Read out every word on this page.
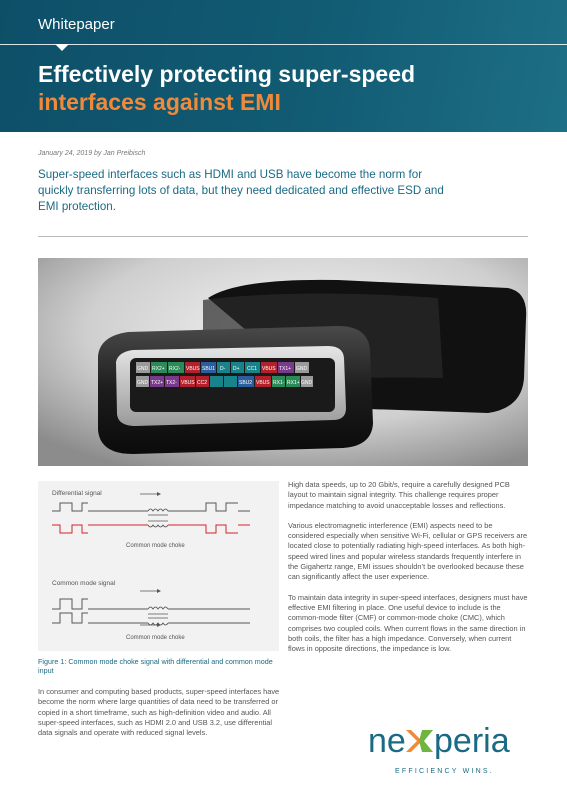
Whitepaper
Effectively protecting super-speed
interfaces against EMI
January 24, 2019 by Jan Preibisch
Super-speed interfaces such as HDMI and USB have become the norm for quickly transferring lots of data, but they need dedicated and effective ESD and EMI protection.
GND RX2+ RX2- VBUS SBU1 D- D+ CC1 VBUS TX1+ GND
GND TX2+ TX2- VBUS CC2	SBU2 VBUS RX1- RX1+ GND
Differential signal
Common mode choke
Common mode signal
Common mode choke
Figure 1: Common mode choke signal with differential and common mode input
In consumer and computing based products, super-speed interfaces have become the norm where large quantities of data need to be transferred or copied in a short timeframe, such as high-definition video and audio. All super-speed interfaces, such as HDMI 2.0 and USB 3.2, use differential data signals and operate with reduced signal levels.

High data speeds, up to 20 Gbit/s, require a carefully designed PCB layout to maintain signal integrity. This challenge requires proper impedance matching to avoid unacceptable losses and reflections.

Various electromagnetic interference (EMI) aspects need to be considered especially when sensitive Wi-Fi, cellular or GPS receivers are located close to potentially radiating high-speed interfaces. As both high-speed wired lines and popular wireless standards frequently interfere in the Gigahertz range, EMI issues shouldn’t be overlooked because these can significantly affect the user experience.

To maintain data integrity in super-speed interfaces, designers must have effective EMI filtering in place. One useful device to include is the common-mode filter (CMF) or common-mode choke (CMC), which comprises two coupled coils. When current flows in the same direction in both coils, the filter has a high impedance. Conversely, when current flows in opposite directions, the impedance is low.

ne peria
EFFICIENCY WINS.
